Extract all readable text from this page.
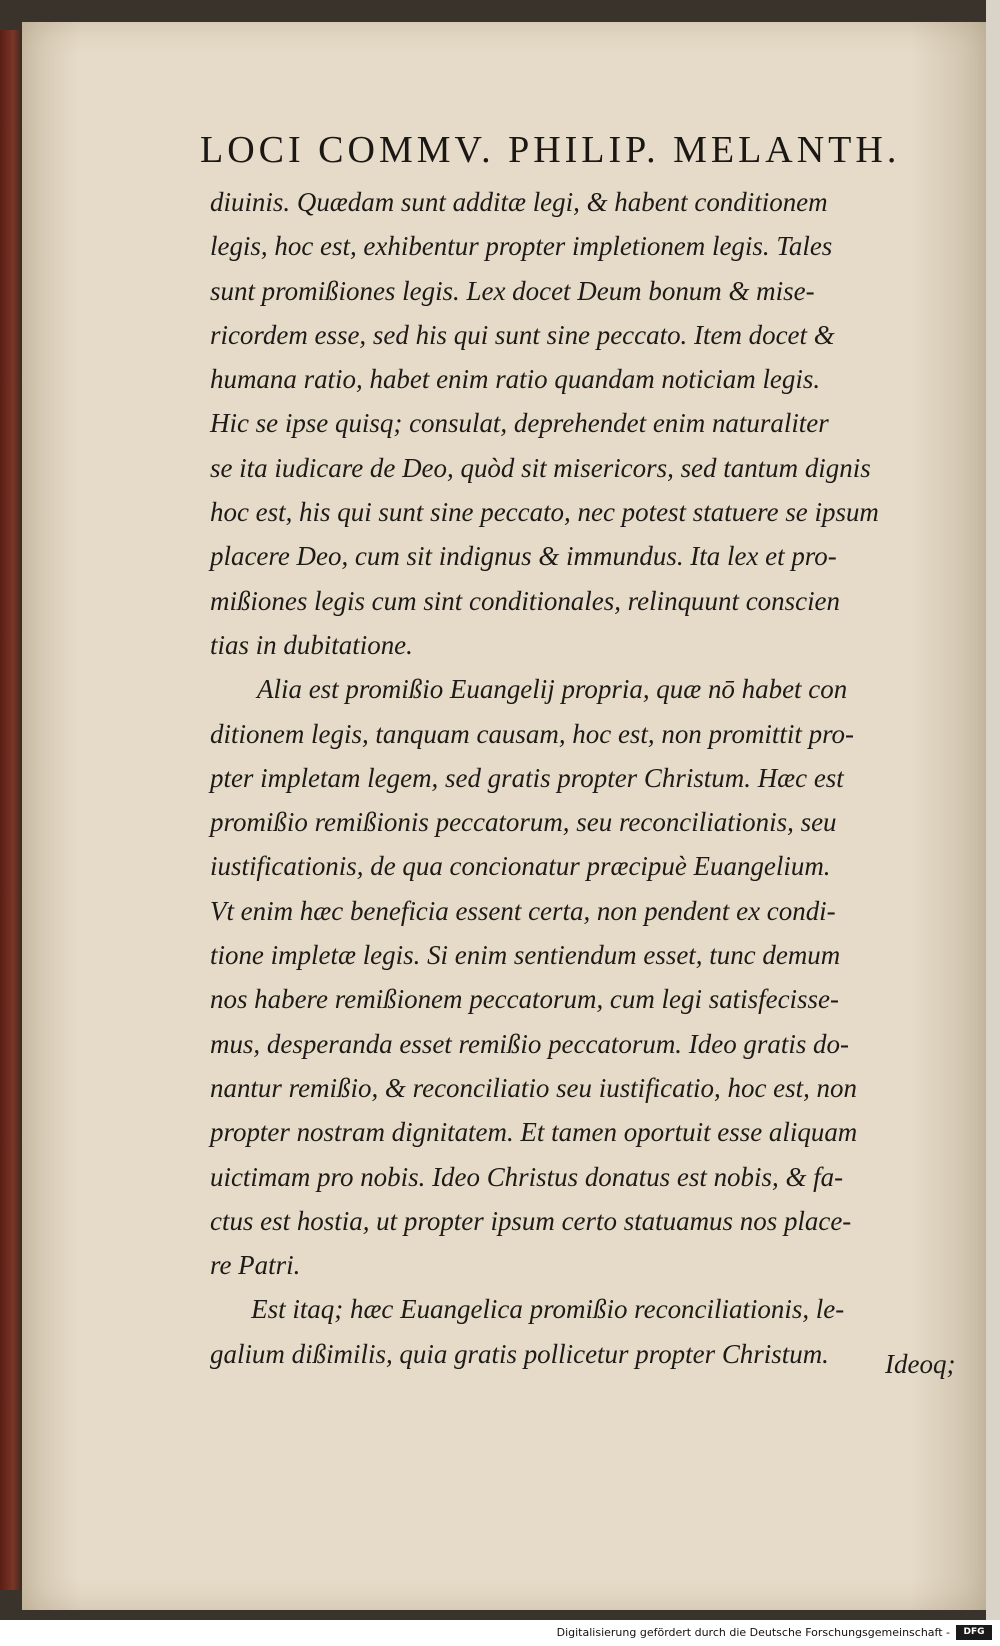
LOCI COMMV. PHILIP. MELANTH.
diuinis. Quædam sunt additæ legi, & habent conditionem
legis, hoc est, exhibentur propter impletionem legis. Tales
sunt promißiones legis. Lex docet Deum bonum & mise-
ricordem esse, sed his qui sunt sine peccato. Item docet &
humana ratio, habet enim ratio quandam noticiam legis.
Hic se ipse quisq; consulat, deprehendet enim naturaliter
se ita iudicare de Deo, quòd sit misericors, sed tantum dignis
hoc est, his qui sunt sine peccato, nec potest statuere se ipsum
placere Deo, cum sit indignus & immundus. Ita lex et pro-
mißiones legis cum sint conditionales, relinquunt conscien
tias in dubitatione.
Alia est promißio Euangelij propria, quæ nō habet con
ditionem legis, tanquam causam, hoc est, non promittit pro-
pter impletam legem, sed gratis propter Christum. Hæc est
promißio remißionis peccatorum, seu reconciliationis, seu
iustificationis, de qua concionatur præcipuè Euangelium.
Vt enim hæc beneficia essent certa, non pendent ex condi-
tione impletæ legis. Si enim sentiendum esset, tunc demum
nos habere remißionem peccatorum, cum legi satisfecisse-
mus, desperanda esset remißio peccatorum. Ideo gratis do-
nantur remißio, & reconciliatio seu iustificatio, hoc est, non
propter nostram dignitatem. Et tamen oportuit esse aliquam
uictimam pro nobis. Ideo Christus donatus est nobis, & fa-
ctus est hostia, ut propter ipsum certo statuamus nos place-
re Patri.
Est itaq; hæc Euangelica promißio reconciliationis, le-
galium dißimilis, quia gratis pollicetur propter Christum.	Ideoq;
Digitalisierung gefördert durch die Deutsche Forschungsgemeinschaft -	DFG
